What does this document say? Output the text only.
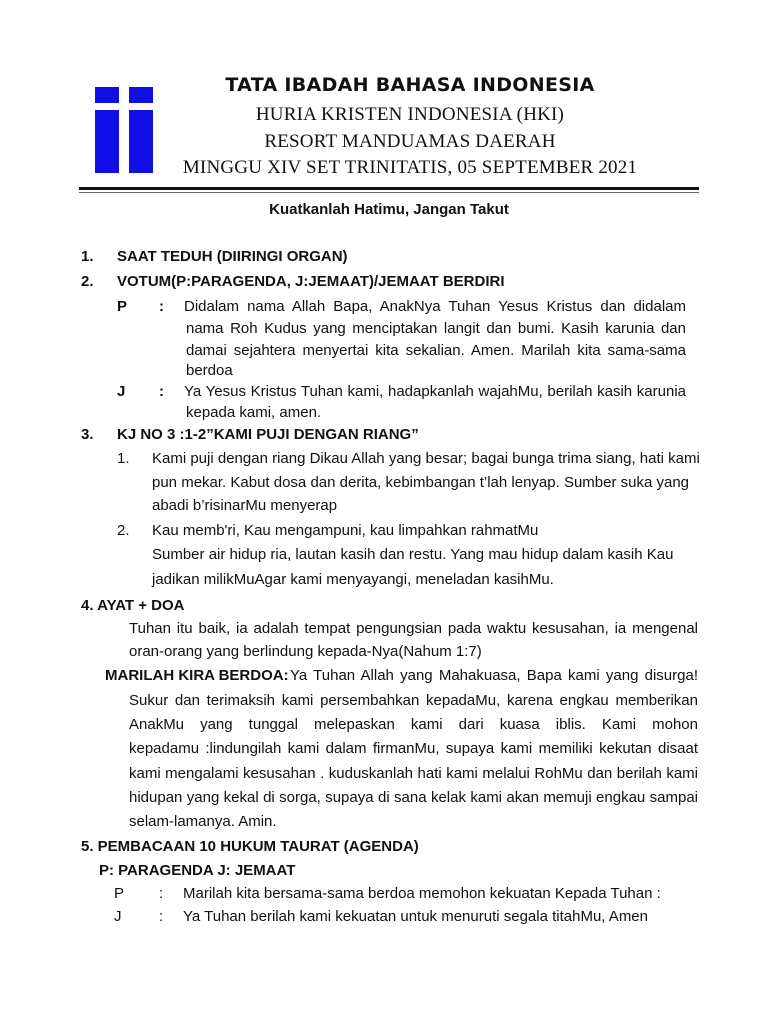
TATA IBADAH BAHASA INDONESIA
HURIA KRISTEN INDONESIA (HKI)
RESORT MANDUAMAS DAERAH
MINGGU XIV SET TRINITATIS, 05 SEPTEMBER 2021
Kuatkanlah Hatimu, Jangan Takut
1. SAAT TEDUH (DIIRINGI ORGAN)
2. VOTUM(P:PARAGENDA, J:JEMAAT)/JEMAAT BERDIRI
P : Didalam nama Allah Bapa, AnakNya Tuhan Yesus Kristus dan didalam
nama Roh Kudus yang menciptakan langit dan bumi. Kasih karunia dan
damai sejahtera menyertai kita sekalian. Amen. Marilah kita sama-sama
berdoa
J : Ya Yesus Kristus Tuhan kami, hadapkanlah wajahMu, berilah kasih karunia
kepada kami, amen.
3. KJ NO 3 :1-2”KAMI PUJI DENGAN RIANG”
1. Kami puji dengan riang Dikau Allah yang besar; bagai bunga trima siang, hati kami
pun mekar. Kabut dosa dan derita, kebimbangan t’lah lenyap. Sumber suka yang
abadi b’risinarMu menyerap
2. Kau memb'ri, Kau mengampuni, kau limpahkan rahmatMu
Sumber air hidup ria, lautan kasih dan restu. Yang mau hidup dalam kasih Kau
jadikan milikMuAgar kami menyayangi, meneladan kasihMu.
4. AYAT + DOA
Tuhan itu baik, ia adalah tempat pengungsian pada waktu kesusahan, ia mengenal
oran-orang yang berlindung kepada-Nya(Nahum 1:7)
MARILAH KIRA BERDOA: Ya Tuhan Allah yang Mahakuasa, Bapa kami yang disurga!
Sukur dan terimaksih kami persembahkan kepadaMu, karena engkau memberikan
AnakMu yang tunggal melepaskan kami dari kuasa iblis. Kami mohon
kepadamu :lindungilah kami dalam firmanMu, supaya kami memiliki kekutan disaat
kami mengalami kesusahan . kuduskanlah hati kami melalui RohMu dan berilah kami
hidupan yang kekal di sorga, supaya di sana kelak kami akan memuji engkau sampai
selam-lamanya. Amin.
5. PEMBACAAN 10 HUKUM TAURAT (AGENDA)
P: PARAGENDA J: JEMAAT
P : Marilah kita bersama-sama berdoa memohon kekuatan Kepada Tuhan :
J	: Ya Tuhan berilah kami kekuatan untuk menuruti segala titahMu, Amen
